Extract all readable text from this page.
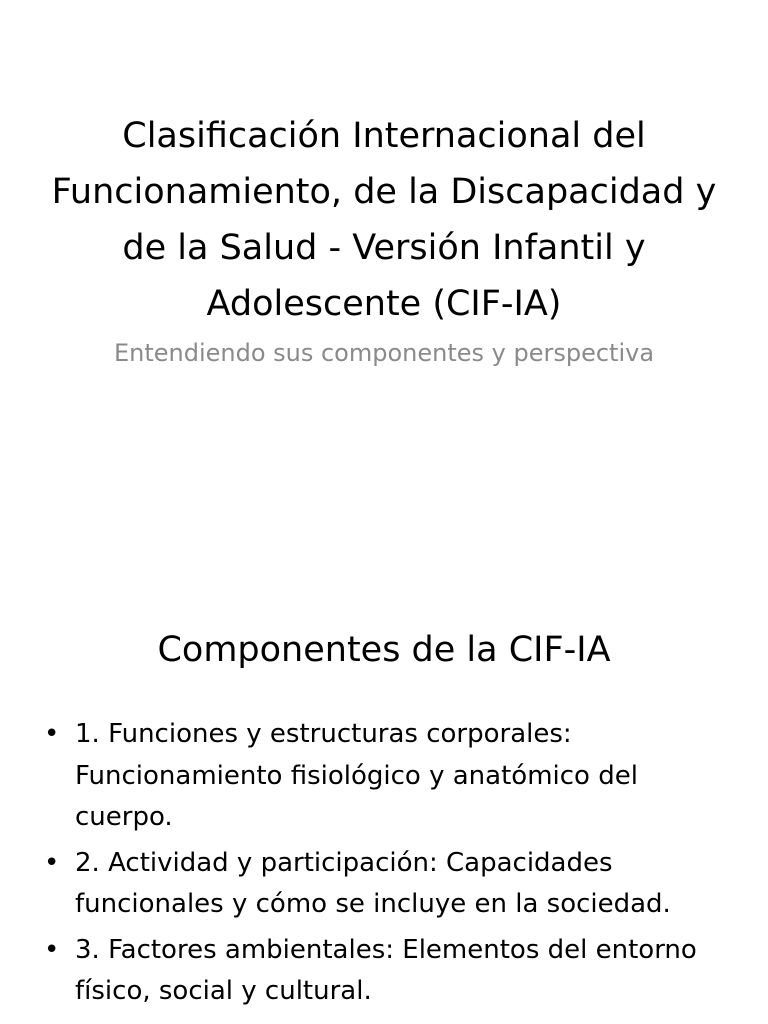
Clasificación Internacional del Funcionamiento, de la Discapacidad y de la Salud - Versión Infantil y Adolescente (CIF-IA)

Entendiendo sus componentes y perspectiva

Componentes de la CIF-IA
• 1. Funciones y estructuras corporales: Funcionamiento fisiológico y anatómico del cuerpo.
• 2. Actividad y participación: Capacidades funcionales y cómo se incluye en la sociedad.
• 3. Factores ambientales: Elementos del entorno físico, social y cultural.
